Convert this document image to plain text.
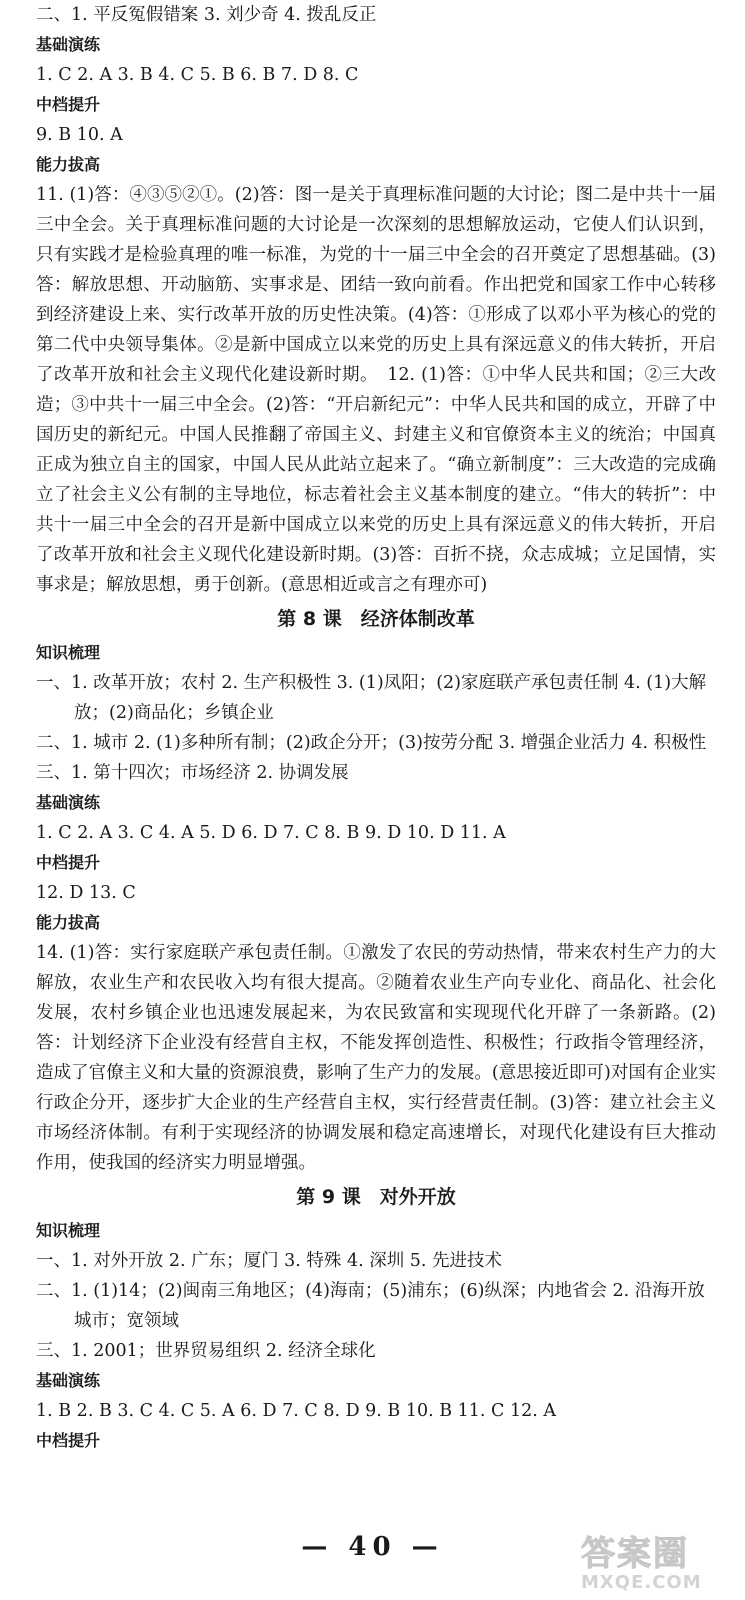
二、1. 平反冤假错案 3. 刘少奇 4. 拨乱反正
基础演练
1. C 2. A 3. B 4. C 5. B 6. B 7. D 8. C
中档提升
9. B 10. A
能力拔高
11. (1)答：④③⑤②①。(2)答：图一是关于真理标准问题的大讨论；图二是中共十一届三中全会。关于真理标准问题的大讨论是一次深刻的思想解放运动，它使人们认识到，只有实践才是检验真理的唯一标准，为党的十一届三中全会的召开奠定了思想基础。(3)答：解放思想、开动脑筋、实事求是、团结一致向前看。作出把党和国家工作中心转移到经济建设上来、实行改革开放的历史性决策。(4)答：①形成了以邓小平为核心的党的第二代中央领导集体。②是新中国成立以来党的历史上具有深远意义的伟大转折，开启了改革开放和社会主义现代化建设新时期。　12. (1)答：①中华人民共和国；②三大改造；③中共十一届三中全会。(2)答：“开启新纪元”：中华人民共和国的成立，开辟了中国历史的新纪元。中国人民推翻了帝国主义、封建主义和官僚资本主义的统治；中国真正成为独立自主的国家，中国人民从此站立起来了。“确立新制度”：三大改造的完成确立了社会主义公有制的主导地位，标志着社会主义基本制度的建立。“伟大的转折”：中共十一届三中全会的召开是新中国成立以来党的历史上具有深远意义的伟大转折，开启了改革开放和社会主义现代化建设新时期。(3)答：百折不挠，众志成城；立足国情，实事求是；解放思想，勇于创新。(意思相近或言之有理亦可)
第 8 课　经济体制改革
知识梳理
一、1. 改革开放；农村 2. 生产积极性 3. (1)凤阳；(2)家庭联产承包责任制 4. (1)大解放；(2)商品化；乡镇企业
二、1. 城市 2. (1)多种所有制；(2)政企分开；(3)按劳分配 3. 增强企业活力 4. 积极性
三、1. 第十四次；市场经济 2. 协调发展
基础演练
1. C 2. A 3. C 4. A 5. D 6. D 7. C 8. B 9. D 10. D 11. A
中档提升
12. D 13. C
能力拔高
14. (1)答：实行家庭联产承包责任制。①激发了农民的劳动热情，带来农村生产力的大解放，农业生产和农民收入均有很大提高。②随着农业生产向专业化、商品化、社会化发展，农村乡镇企业也迅速发展起来，为农民致富和实现现代化开辟了一条新路。(2)答：计划经济下企业没有经营自主权，不能发挥创造性、积极性；行政指令管理经济，造成了官僚主义和大量的资源浪费，影响了生产力的发展。(意思接近即可)对国有企业实行政企分开，逐步扩大企业的生产经营自主权，实行经营责任制。(3)答：建立社会主义市场经济体制。有利于实现经济的协调发展和稳定高速增长，对现代化建设有巨大推动作用，使我国的经济实力明显增强。
第 9 课　对外开放
知识梳理
一、1. 对外开放 2. 广东；厦门 3. 特殊 4. 深圳 5. 先进技术
二、1. (1)14；(2)闽南三角地区；(4)海南；(5)浦东；(6)纵深；内地省会 2. 沿海开放城市；宽领域
三、1. 2001；世界贸易组织 2. 经济全球化
基础演练
1. B 2. B 3. C 4. C 5. A 6. D 7. C 8. D 9. B 10. B 11. C 12. A
中档提升
— 40 —	答案圈
MXQE.COM
